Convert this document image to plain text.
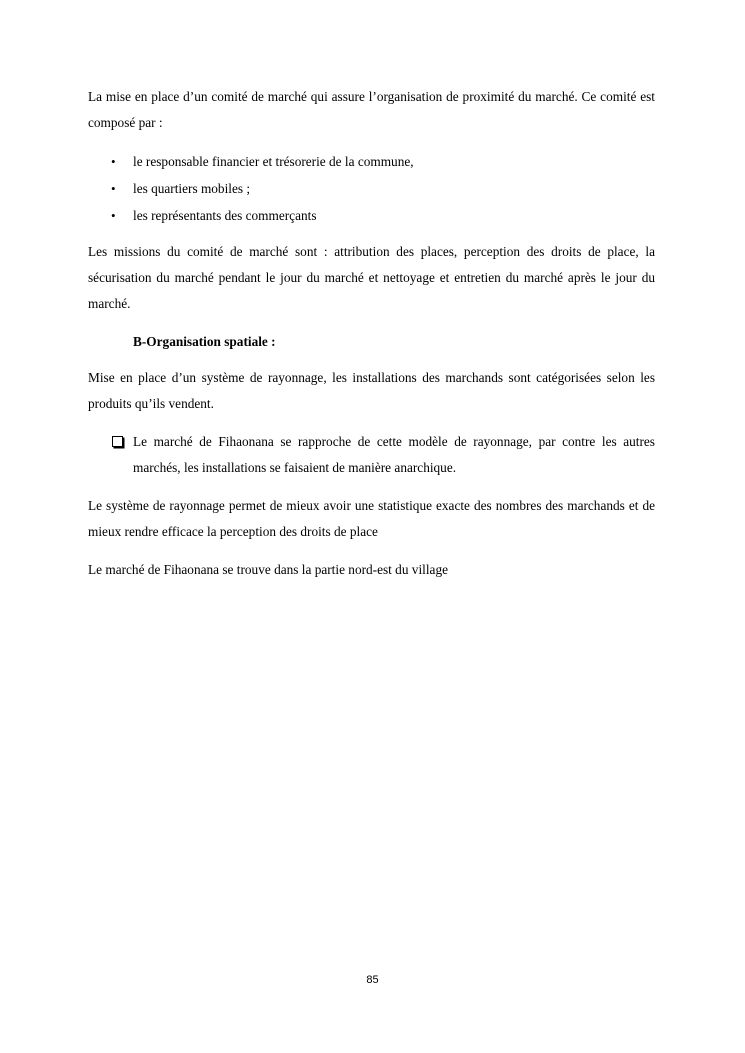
La mise en place d’un comité de marché qui assure l’organisation de proximité du marché. Ce comité est composé par :

• le responsable financier et trésorerie de la commune,
• les quartiers mobiles ;
• les représentants des commerçants

Les missions du comité de marché sont : attribution des places, perception des droits de place, la sécurisation du marché pendant le jour du marché et nettoyage et entretien du marché après le jour du marché.

B-Organisation spatiale :

Mise en place d’un système de rayonnage, les installations des marchands sont catégorisées selon les produits qu’ils vendent.

Le marché de Fihaonana se rapproche de cette modèle de rayonnage, par contre les autres marchés, les installations se faisaient de manière anarchique.

Le système de rayonnage permet de mieux avoir une statistique exacte des nombres des marchands et de mieux rendre efficace la perception des droits de place

Le marché de Fihaonana se trouve dans la partie nord-est du village

85
